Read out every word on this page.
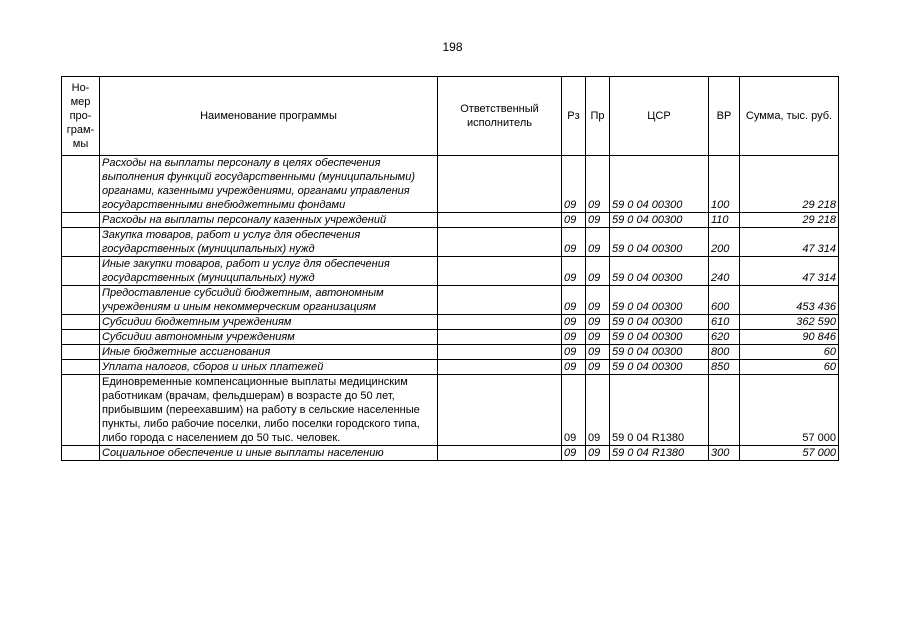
198
Но-
мер
про-
грам-
мы	Наименование программы	Ответственный исполнитель	Рз	Пр	ЦСР	ВР	Сумма, тыс. руб.
	Расходы на выплаты персоналу в целях обеспечения выполнения функций государственными (муниципальными) органами, казенными учреждениями, органами управления государственными внебюджетными фондами		09	09	59 0 04 00300	100	29 218
	Расходы на выплаты персоналу казенных учреждений		09	09	59 0 04 00300	110	29 218
	Закупка товаров, работ и услуг для обеспечения государственных (муниципальных) нужд		09	09	59 0 04 00300	200	47 314
	Иные закупки товаров, работ и услуг для обеспечения государственных (муниципальных) нужд		09	09	59 0 04 00300	240	47 314
	Предоставление субсидий бюджетным, автономным учреждениям и иным некоммерческим организациям		09	09	59 0 04 00300	600	453 436
	Субсидии бюджетным учреждениям		09	09	59 0 04 00300	610	362 590
	Субсидии автономным учреждениям		09	09	59 0 04 00300	620	90 846
	Иные бюджетные ассигнования		09	09	59 0 04 00300	800	60
	Уплата налогов, сборов и иных платежей		09	09	59 0 04 00300	850	60
	Единовременные компенсационные выплаты медицинским работникам (врачам, фельдшерам) в возрасте до 50 лет, прибывшим (переехавшим) на работу в сельские населенные пункты, либо рабочие поселки, либо поселки городского типа, либо города с населением до 50 тыс. человек.		09	09	59 0 04 R1380		57 000
	Социальное обеспечение и иные выплаты населению		09	09	59 0 04 R1380	300	57 000
